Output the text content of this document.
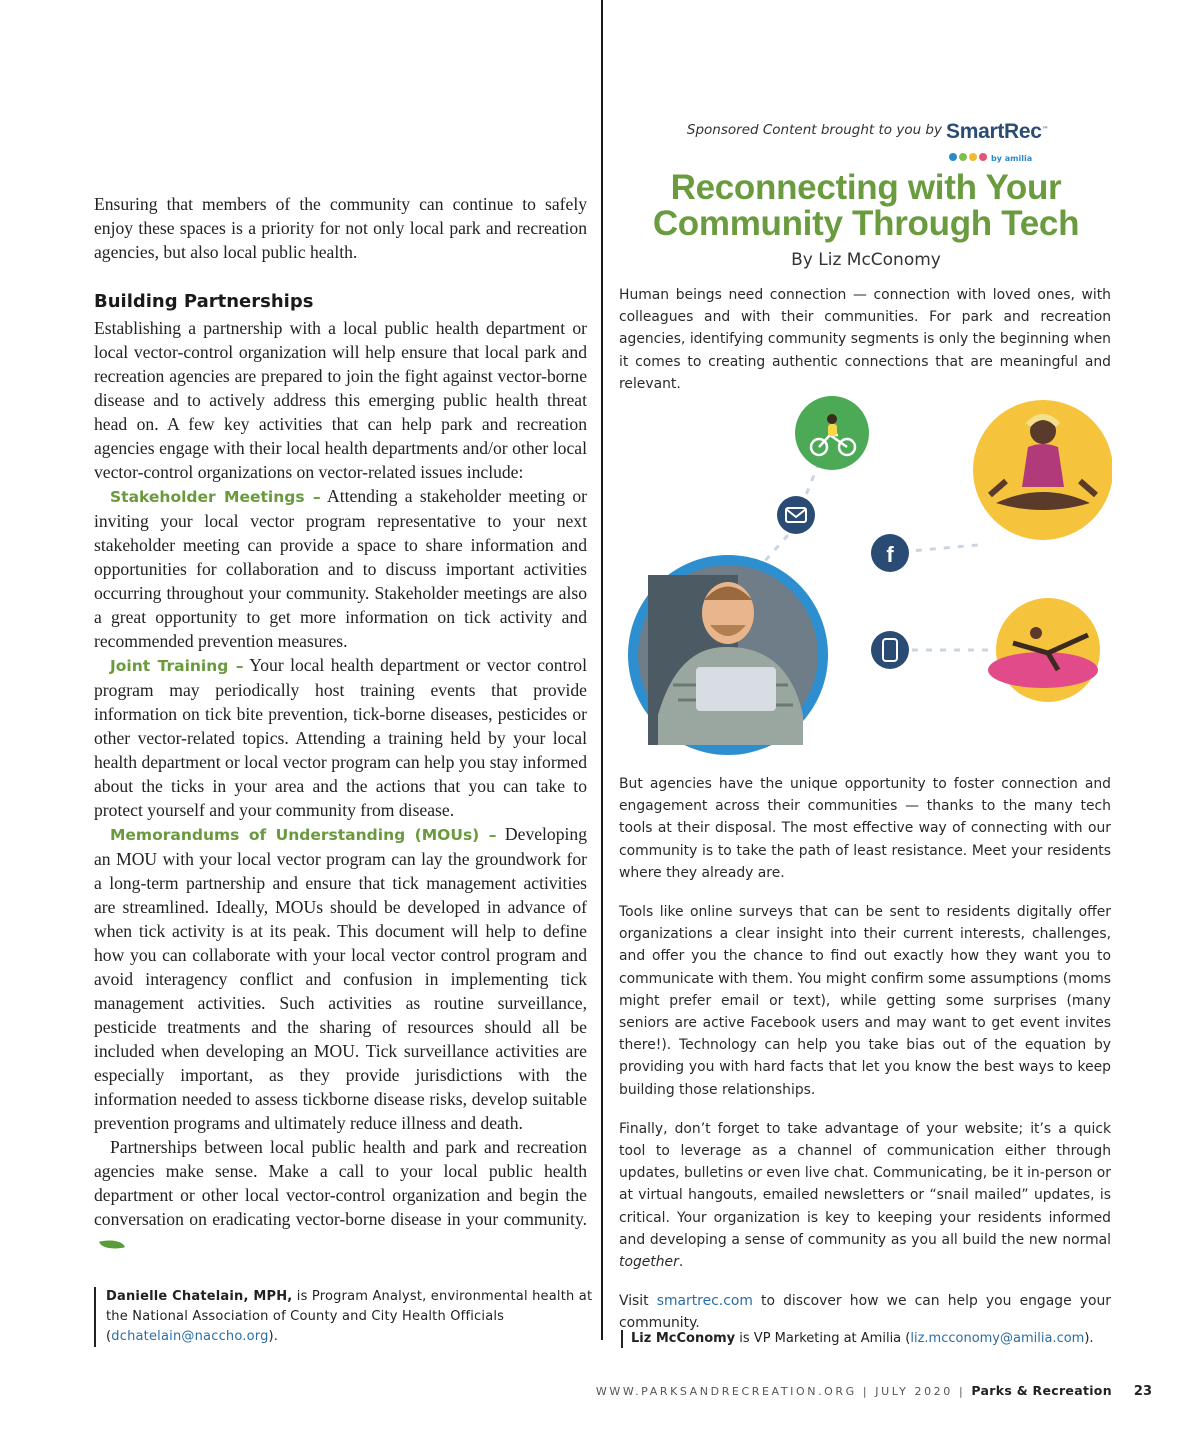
Ensuring that members of the community can continue to safely enjoy these spaces is a priority for not only local park and recreation agencies, but also local public health.

Building Partnerships

Establishing a partnership with a local public health department or local vector-control organization will help ensure that local park and recreation agencies are prepared to join the fight against vector-borne disease and to actively address this emerging public health threat head on. A few key activities that can help park and recreation agencies engage with their local health departments and/or other local vector-control organizations on vector-related issues include:

Stakeholder Meetings – Attending a stakeholder meeting or inviting your local vector program representative to your next stakeholder meeting can provide a space to share information and opportunities for collaboration and to discuss important activities occurring throughout your community. Stakeholder meetings are also a great opportunity to get more information on tick activity and recommended prevention measures.

Joint Training – Your local health department or vector control program may periodically host training events that provide information on tick bite prevention, tick-borne diseases, pesticides or other vector-related topics. Attending a training held by your local health department or local vector program can help you stay informed about the ticks in your area and the actions that you can take to protect yourself and your community from disease.

Memorandums of Understanding (MOUs) – Developing an MOU with your local vector program can lay the groundwork for a long-term partnership and ensure that tick management activities are streamlined. Ideally, MOUs should be developed in advance of when tick activity is at its peak. This document will help to define how you can collaborate with your local vector control program and avoid interagency conflict and confusion in implementing tick management activities. Such activities as routine surveillance, pesticide treatments and the sharing of resources should all be included when developing an MOU. Tick surveillance activities are especially important, as they provide jurisdictions with the information needed to assess tickborne disease risks, develop suitable prevention programs and ultimately reduce illness and death.

Partnerships between local public health and park and recreation agencies make sense. Make a call to your local public health department or other local vector-control organization and begin the conversation on eradicating vector-borne disease in your community.

Danielle Chatelain, MPH, is Program Analyst, environmental health at the National Association of County and City Health Officials (dchatelain@naccho.org).
Sponsored Content brought to you by SmartRec™
by amilia
Reconnecting with Your
Community Through Tech
By Liz McConomy

Human beings need connection — connection with loved ones, with colleagues and with their communities. For park and recreation agencies, identifying community segments is only the beginning when it comes to creating authentic connections that are meaningful and relevant.

f

But agencies have the unique opportunity to foster connection and engagement across their communities — thanks to the many tech tools at their disposal. The most effective way of connecting with our community is to take the path of least resistance. Meet your residents where they already are.

Tools like online surveys that can be sent to residents digitally offer organizations a clear insight into their current interests, challenges, and offer you the chance to find out exactly how they want you to communicate with them. You might confirm some assumptions (moms might prefer email or text), while getting some surprises (many seniors are active Facebook users and may want to get event invites there!). Technology can help you take bias out of the equation by providing you with hard facts that let you know the best ways to keep building those relationships.

Finally, don’t forget to take advantage of your website; it’s a quick tool to leverage as a channel of communication either through updates, bulletins or even live chat. Communicating, be it in-person or at virtual hangouts, emailed newsletters or “snail mailed” updates, is critical. Your organization is key to keeping your residents informed and developing a sense of community as you all build the new normal together.

Visit smartrec.com to discover how we can help you engage your community.

Liz McConomy is VP Marketing at Amilia (liz.mcconomy@amilia.com).
WWW.PARKSANDRECREATION.ORG | JULY 2020 | Parks & Recreation 23
